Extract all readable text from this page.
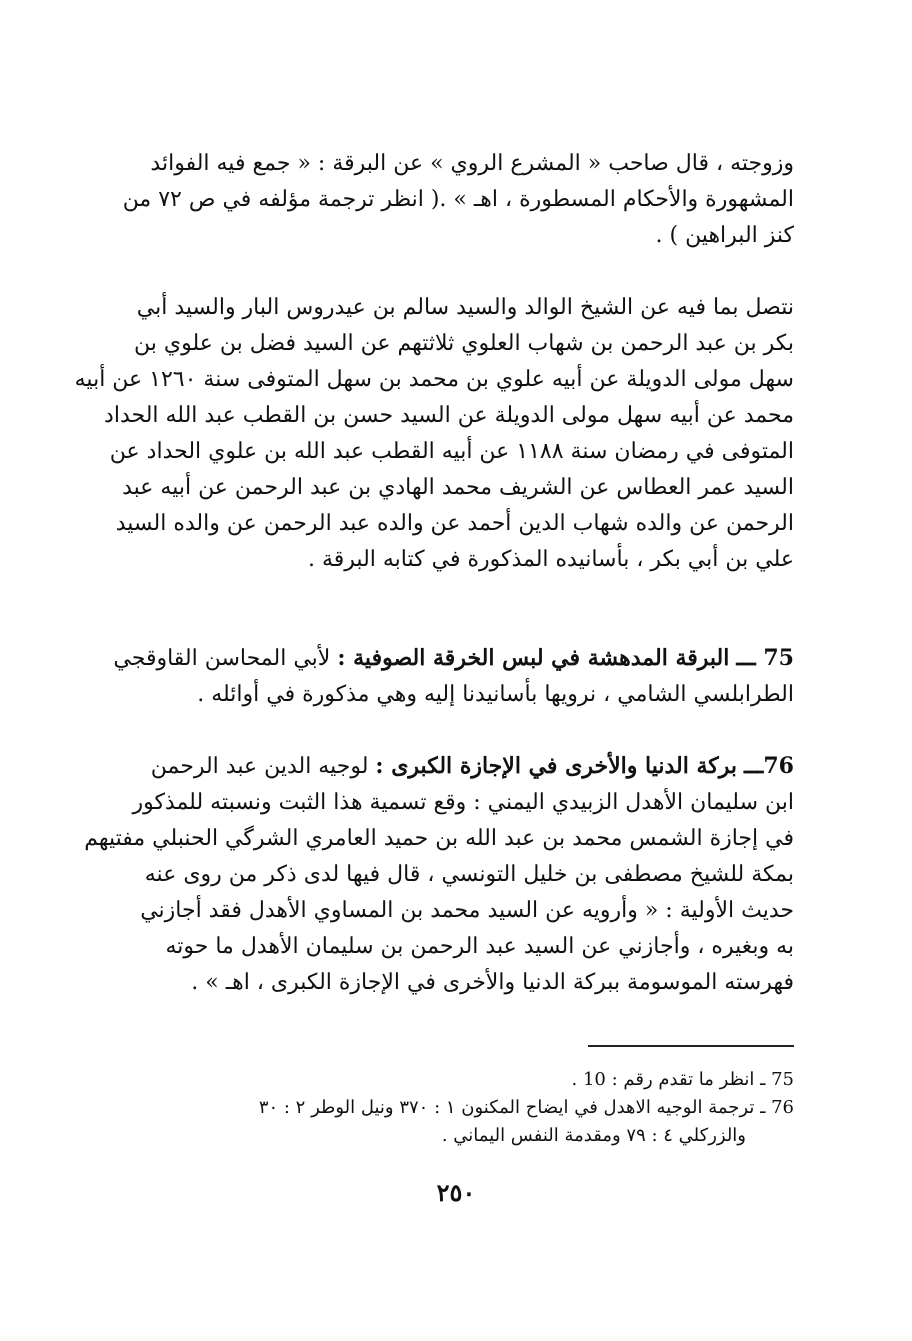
وزوجته ، قال صاحب « المشرع الروي » عن البرقة : « جمع فيه الفوائد
المشهورة والأحكام المسطورة ، اهـ » .( انظر ترجمة مؤلفه في ص ٧٢ من
كنز البراهين ) .
نتصل بما فيه عن الشيخ الوالد والسيد سالم بن عيدروس البار والسيد أبي
بكر بن عبد الرحمن بن شهاب العلوي ثلاثتهم عن السيد فضل بن علوي بن
سهل مولى الدويلة عن أبيه علوي بن محمد بن سهل المتوفى سنة ١٢٦٠ عن أبيه
محمد عن أبيه سهل مولى الدويلة عن السيد حسن بن القطب عبد الله الحداد
المتوفى في رمضان سنة ١١٨٨ عن أبيه القطب عبد الله بن علوي الحداد عن
السيد عمر العطاس عن الشريف محمد الهادي بن عبد الرحمن عن أبيه عبد
الرحمن عن والده شهاب الدين أحمد عن والده عبد الرحمن عن والده السيد
علي بن أبي بكر ، بأسانيده المذكورة في كتابه البرقة .
75 ـــ البرقة المدهشة في لبس الخرقة الصوفية : لأبي المحاسن القاوقجي
الطرابلسي الشامي ، نرويها بأسانيدنا إليه وهي مذكورة في أوائله .
76ـــ بركة الدنيا والأخرى في الإجازة الكبرى : لوجيه الدين عبد الرحمن
ابن سليمان الأهدل الزبيدي اليمني : وقع تسمية هذا الثبت ونسبته للمذكور
في إجازة الشمس محمد بن عبد الله بن حميد العامري الشرگي الحنبلي مفتيهم
بمكة للشيخ مصطفى بن خليل التونسي ، قال فيها لدى ذكر من روى عنه
حديث الأولية : « وأرويه عن السيد محمد بن المساوي الأهدل فقد أجازني
به وبغيره ، وأجازني عن السيد عبد الرحمن بن سليمان الأهدل ما حوته
فهرسته الموسومة ببركة الدنيا والأخرى في الإجازة الكبرى ، اهـ » .
75 ـ انظر ما تقدم رقم : 10 .
76 ـ ترجمة الوجيه الاهدل في ايضاح المكنون ١ : ٣٧٠ ونيل الوطر ٢ : ٣٠
والزركلي ٤ : ٧٩ ومقدمة النفس اليماني .
٢٥٠
